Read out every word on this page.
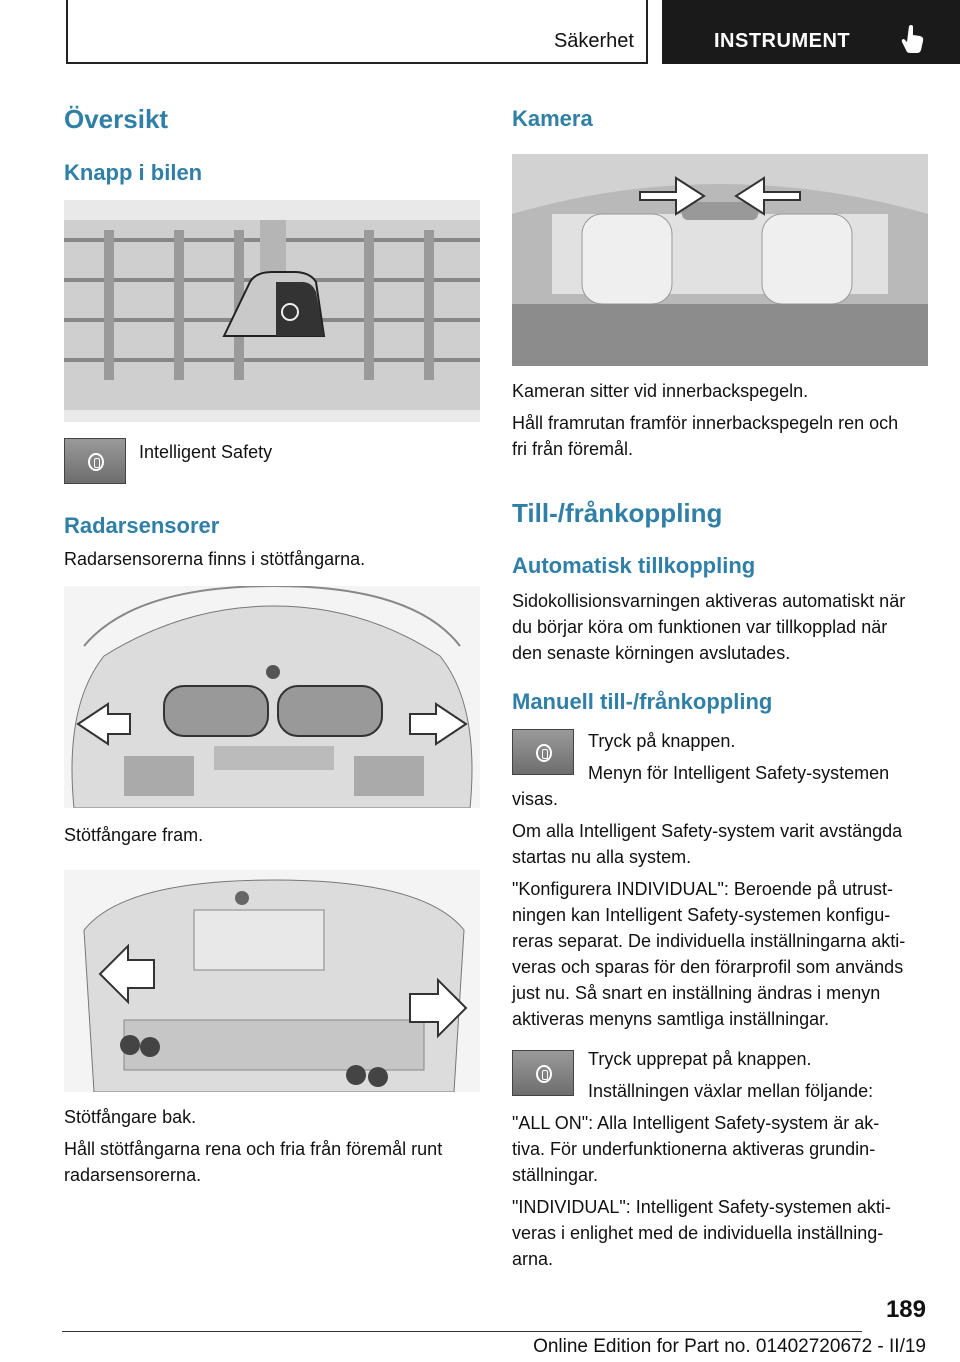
Säkerhet	INSTRUMENT
Översikt
Knapp i bilen
Intelligent Safety
Radarsensorer
Radarsensorerna finns i stötfångarna.
Stötfångare fram.
Stötfångare bak.
Håll stötfångarna rena och fria från föremål runt
radarsensorerna.
Kamera
Kameran sitter vid innerbackspegeln.
Håll framrutan framför innerbackspegeln ren och
fri från föremål.
Till-/frånkoppling
Automatisk tillkoppling
Sidokollisionsvarningen aktiveras automatiskt när
du börjar köra om funktionen var tillkopplad när
den senaste körningen avslutades.
Manuell till-/frånkoppling
Tryck på knappen.
Menyn för Intelligent Safety-systemen
visas.
Om alla Intelligent Safety-system varit avstängda
startas nu alla system.
"Konfigurera INDIVIDUAL": Beroende på utrust-
ningen kan Intelligent Safety-systemen konfigu-
reras separat. De individuella inställningarna akti-
veras och sparas för den förarprofil som används
just nu. Så snart en inställning ändras i menyn
aktiveras menyns samtliga inställningar.
Tryck upprepat på knappen.
Inställningen växlar mellan följande:
"ALL ON": Alla Intelligent Safety-system är ak-
tiva. För underfunktionerna aktiveras grundin-
ställningar.
"INDIVIDUAL": Intelligent Safety-systemen akti-
veras i enlighet med de individuella inställning-
arna.
189
Online Edition for Part no. 01402720672 - II/19
